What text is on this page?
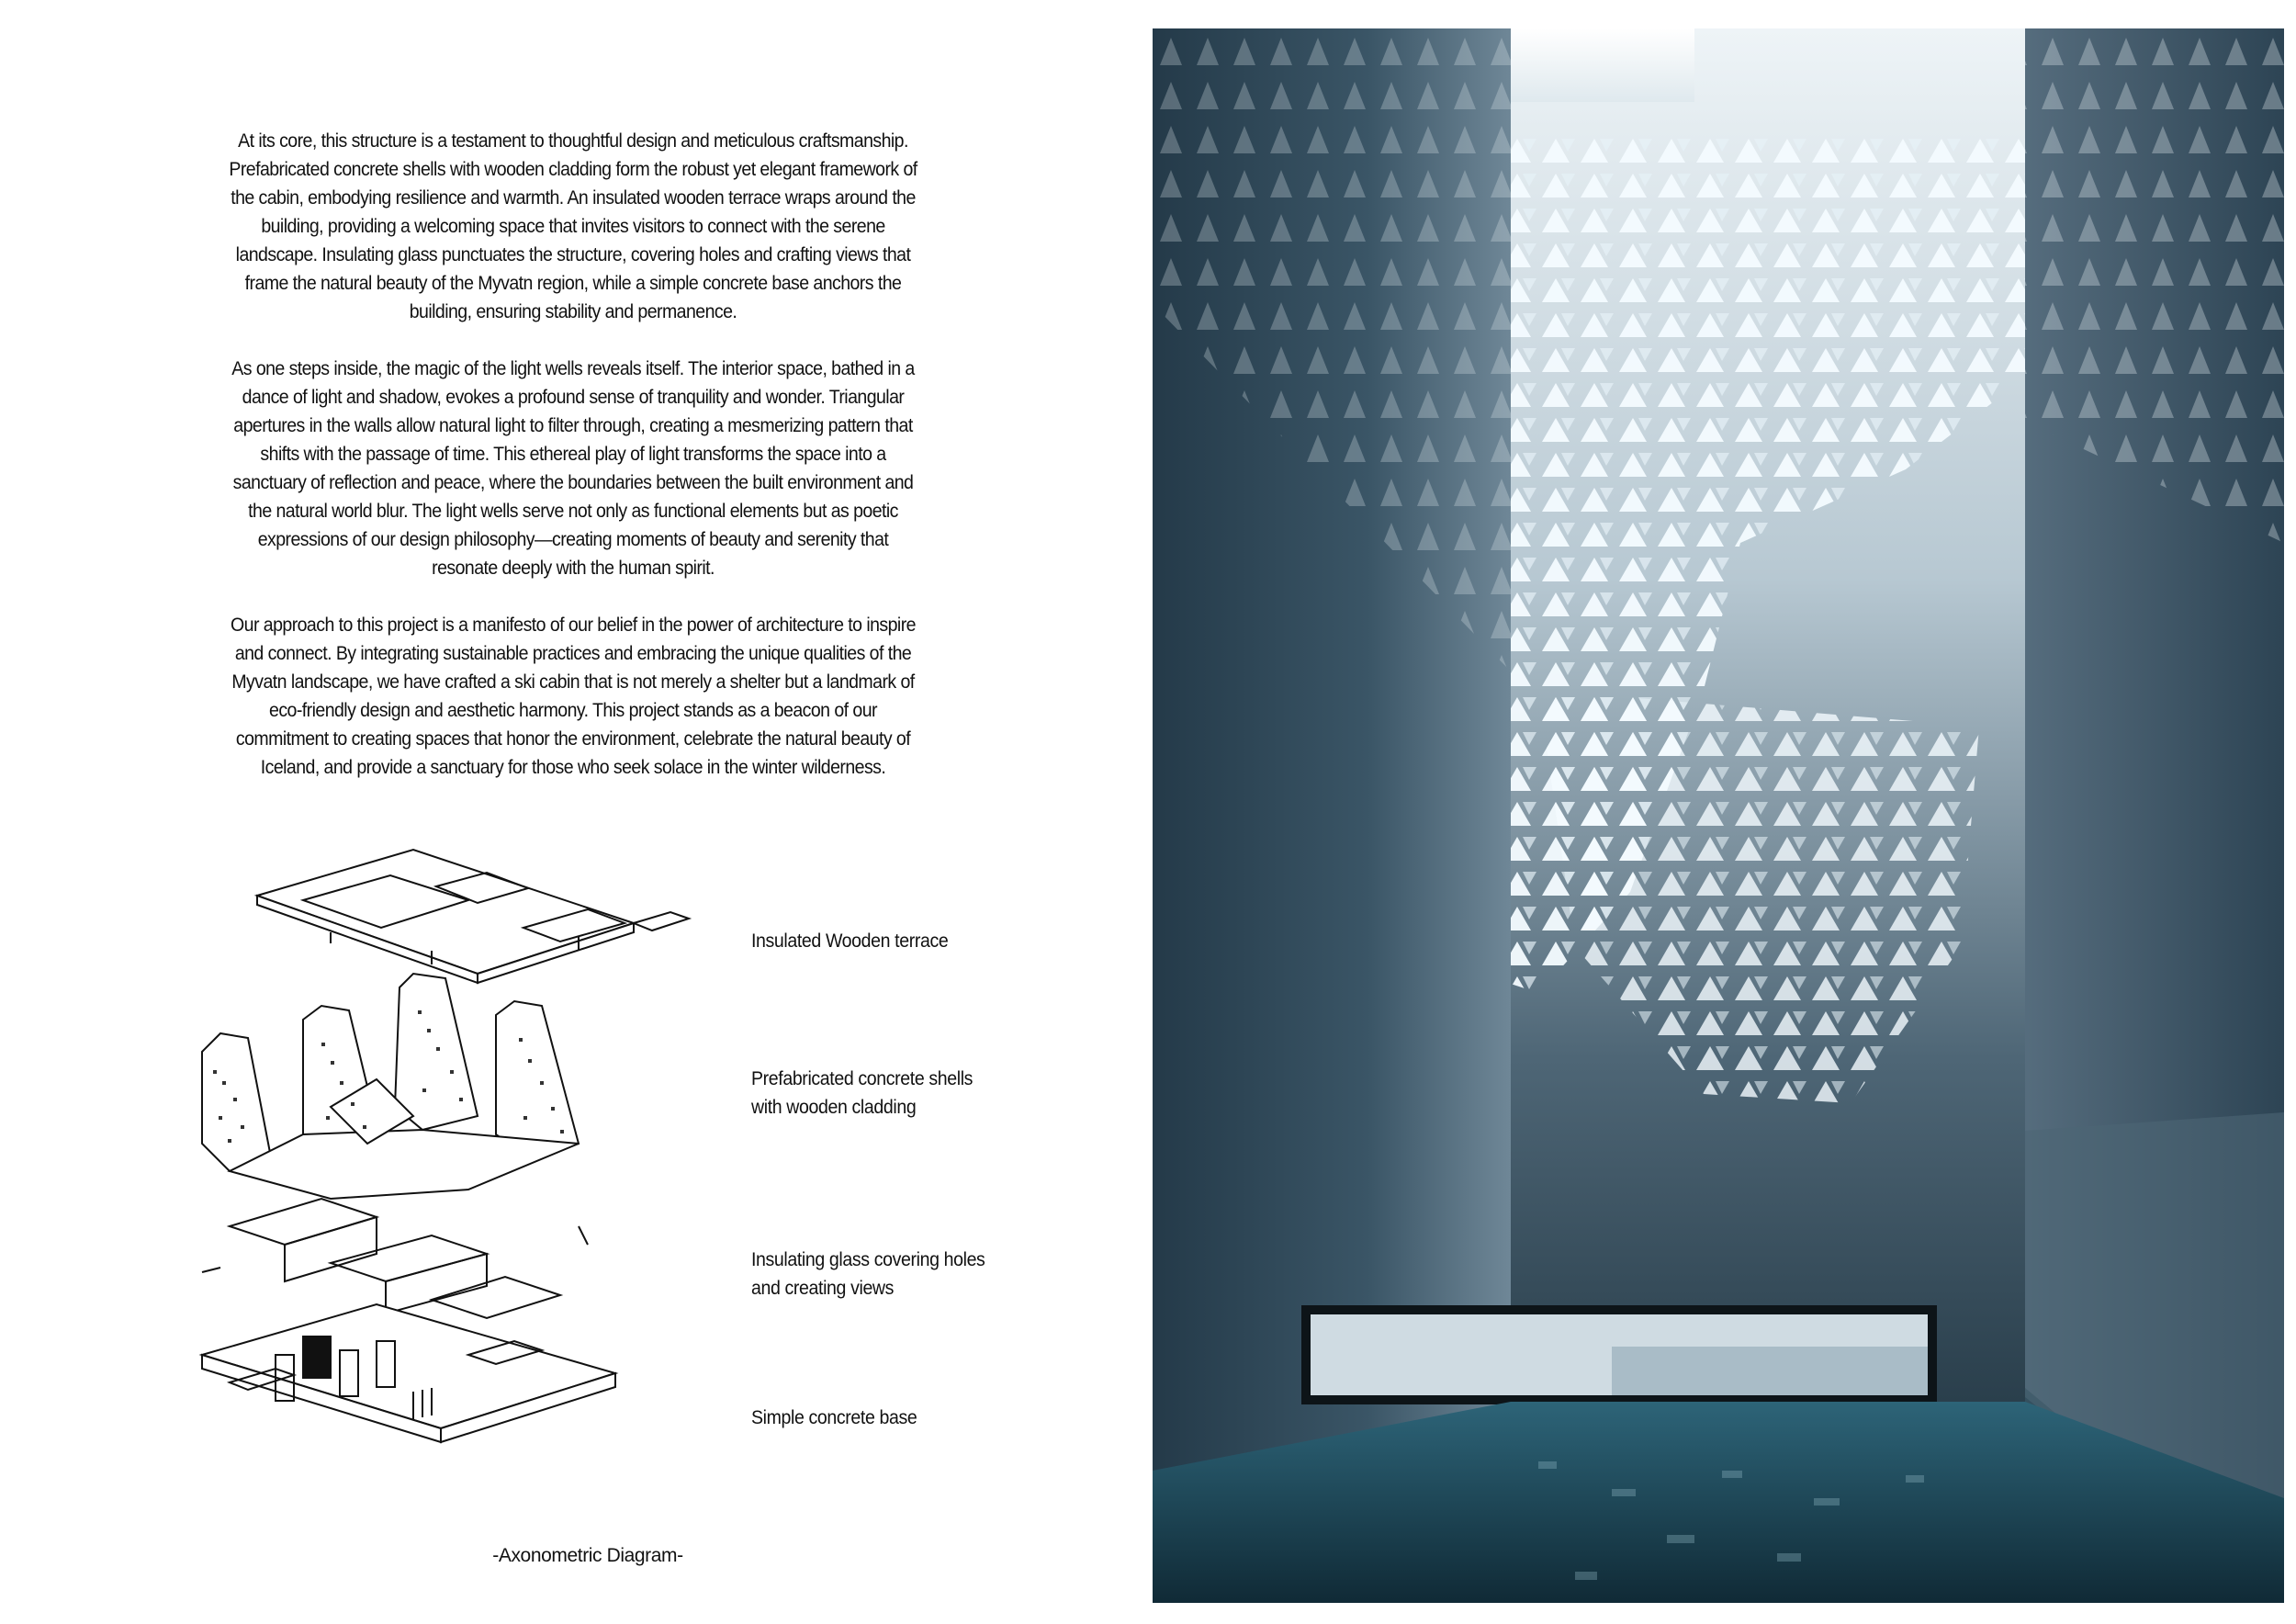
At its core, this structure is a testament to thoughtful design and meticulous craftsmanship. Prefabricated concrete shells with wooden cladding form the robust yet elegant framework of the cabin, embodying resilience and warmth. An insulated wooden terrace wraps around the building, providing a welcoming space that invites visitors to connect with the serene landscape. Insulating glass punctuates the structure, covering holes and crafting views that frame the natural beauty of the Myvatn region, while a simple concrete base anchors the building, ensuring stability and permanence.

As one steps inside, the magic of the light wells reveals itself. The interior space, bathed in a dance of light and shadow, evokes a profound sense of tranquility and wonder. Triangular apertures in the walls allow natural light to filter through, creating a mesmerizing pattern that shifts with the passage of time. This ethereal play of light transforms the space into a sanctuary of reflection and peace, where the boundaries between the built environment and the natural world blur. The light wells serve not only as functional elements but as poetic expressions of our design philosophy—creating moments of beauty and serenity that resonate deeply with the human spirit.

Our approach to this project is a manifesto of our belief in the power of architecture to inspire and connect. By integrating sustainable practices and embracing the unique qualities of the Myvatn landscape, we have crafted a ski cabin that is not merely a shelter but a landmark of eco-friendly design and aesthetic harmony. This project stands as a beacon of our commitment to creating spaces that honor the environment, celebrate the natural beauty of Iceland, and provide a sanctuary for those who seek solace in the winter wilderness.

Insulated Wooden terrace
Prefabricated concrete shells
with wooden cladding
Insulating glass covering holes
and creating views
Simple concrete base
-Axonometric Diagram-
